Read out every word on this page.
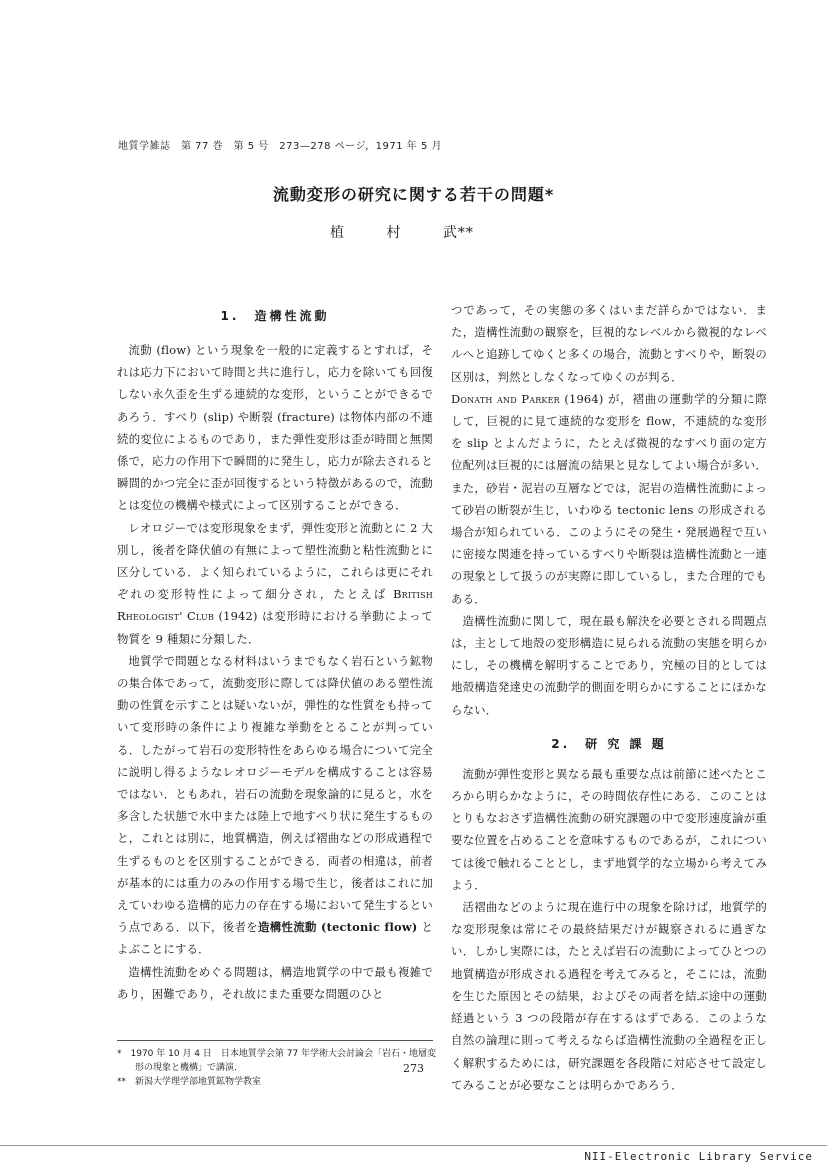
地質学雑誌　第 77 巻　第 5 号　273—278 ページ，1971 年 5 月
流動変形の研究に関する若干の問題*
植 村 武**
1.　造構性流動

流動 (flow) という現象を一般的に定義するとすれば，それは応力下において時間と共に進行し，応力を除いても回復しない永久歪を生ずる連続的な変形，ということができるであろう．すべり (slip) や断裂 (fracture) は物体内部の不連続的変位によるものであり，また弾性変形は歪が時間と無関係で，応力の作用下で瞬間的に発生し，応力が除去されると瞬間的かつ完全に歪が回復するという特徴があるので，流動とは変位の機構や様式によって区別することができる．

レオロジーでは変形現象をまず，弾性変形と流動とに 2 大別し，後者を降伏値の有無によって塑性流動と粘性流動とに区分している．よく知られているように，これらは更にそれぞれの変形特性によって細分され，たとえば British Rheologist' Club (1942) は変形時における挙動によって物質を 9 種類に分類した．

地質学で問題となる材料はいうまでもなく岩石という鉱物の集合体であって，流動変形に際しては降伏値のある塑性流動の性質を示すことは疑いないが，弾性的な性質をも持っていて変形時の条件により複雑な挙動をとることが判っている．したがって岩石の変形特性をあらゆる場合について完全に説明し得るようなレオロジーモデルを構成することは容易ではない．ともあれ，岩石の流動を現象論的に見ると，水を多含した状態で水中または陸上で地すべり状に発生するものと，これとは別に，地質構造，例えば褶曲などの形成過程で生ずるものとを区別することができる．両者の相違は，前者が基本的には重力のみの作用する場で生じ，後者はこれに加えていわゆる造構的応力の存在する場において発生するという点である．以下，後者を造構性流動 (tectonic flow) とよぶことにする．

造構性流動をめぐる問題は，構造地質学の中で最も複雑であり，困難であり，それ故にまた重要な問題のひと

つであって，その実態の多くはいまだ詳らかではない．また，造構性流動の観察を，巨視的なレベルから微視的なレベルへと追跡してゆくと多くの場合，流動とすべりや，断裂の区別は，判然としなくなってゆくのが判る．

Donath and Parker (1964) が，褶曲の運動学的分類に際して，巨視的に見て連続的な変形を flow，不連続的な変形を slip とよんだように，たとえば微視的なすべり面の定方位配列は巨視的には層流の結果と見なしてよい場合が多い．また，砂岩・泥岩の互層などでは，泥岩の造構性流動によって砂岩の断裂が生じ，いわゆる tectonic lens の形成される場合が知られている．このようにその発生・発展過程で互いに密接な関連を持っているすべりや断裂は造構性流動と一連の現象として扱うのが実際に即しているし，また合理的でもある．

造構性流動に関して，現在最も解決を必要とされる問題点は，主として地殻の変形構造に見られる流動の実態を明らかにし，その機構を解明することであり，究極の目的としては地殻構造発達史の流動学的側面を明らかにすることにほかならない．

2.　研 究 課 題

流動が弾性変形と異なる最も重要な点は前節に述べたところから明らかなように，その時間依存性にある．このことはとりもなおさず造構性流動の研究課題の中で変形速度論が重要な位置を占めることを意味するものであるが，これについては後で触れることとし，まず地質学的な立場から考えてみよう．

活褶曲などのように現在進行中の現象を除けば，地質学的な変形現象は常にその最終結果だけが観察されるに過ぎない．しかし実際には，たとえば岩石の流動によってひとつの地質構造が形成される過程を考えてみると，そこには，流動を生じた原因とその結果，およびその両者を結ぶ途中の運動経過という 3 つの段階が存在するはずである．このような自然の論理に則って考えるならば造構性流動の全過程を正しく解釈するためには，研究課題を各段階に対応させて設定してみることが必要なことは明らかであろう．

*　1970 年 10 月 4 日　日本地質学会第 77 年学術大会討論会「岩石・地層変形の現象と機構」で講演．
**　新潟大学理学部地質鉱物学教室
273
NII-Electronic Library Service
